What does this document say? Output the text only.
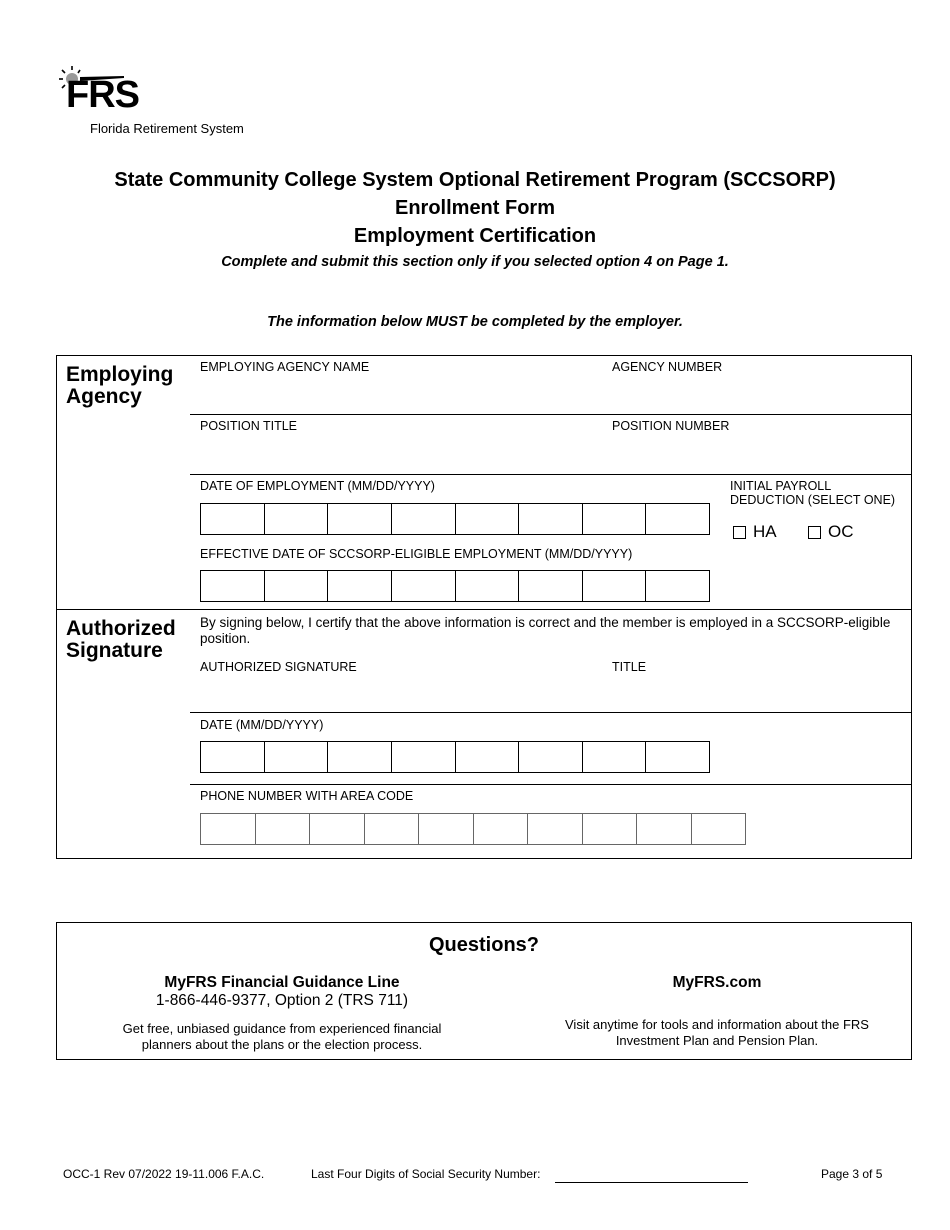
FRS
Florida Retirement System
State Community College System Optional Retirement Program (SCCSORP)
Enrollment Form
Employment Certification
Complete and submit this section only if you selected option 4 on Page 1.
The information below MUST be completed by the employer.
Employing
Agency
EMPLOYING AGENCY NAME	AGENCY NUMBER
POSITION TITLE	POSITION NUMBER
DATE OF EMPLOYMENT (MM/DD/YYYY)	INITIAL PAYROLL
DEDUCTION (SELECT ONE)
HA	OC
EFFECTIVE DATE OF SCCSORP-ELIGIBLE EMPLOYMENT (MM/DD/YYYY)
Authorized
Signature
By signing below, I certify that the above information is correct and the member is employed in a SCCSORP-eligible position.
AUTHORIZED SIGNATURE	TITLE
DATE (MM/DD/YYYY)
PHONE NUMBER WITH AREA CODE
Questions?
MyFRS Financial Guidance Line
1-866-446-9377, Option 2 (TRS 711)
Get free, unbiased guidance from experienced financial planners about the plans or the election process.
MyFRS.com
Visit anytime for tools and information about the FRS Investment Plan and Pension Plan.
OCC-1 Rev 07/2022 19-11.006 F.A.C.	Last Four Digits of Social Security Number:	Page 3 of 5
